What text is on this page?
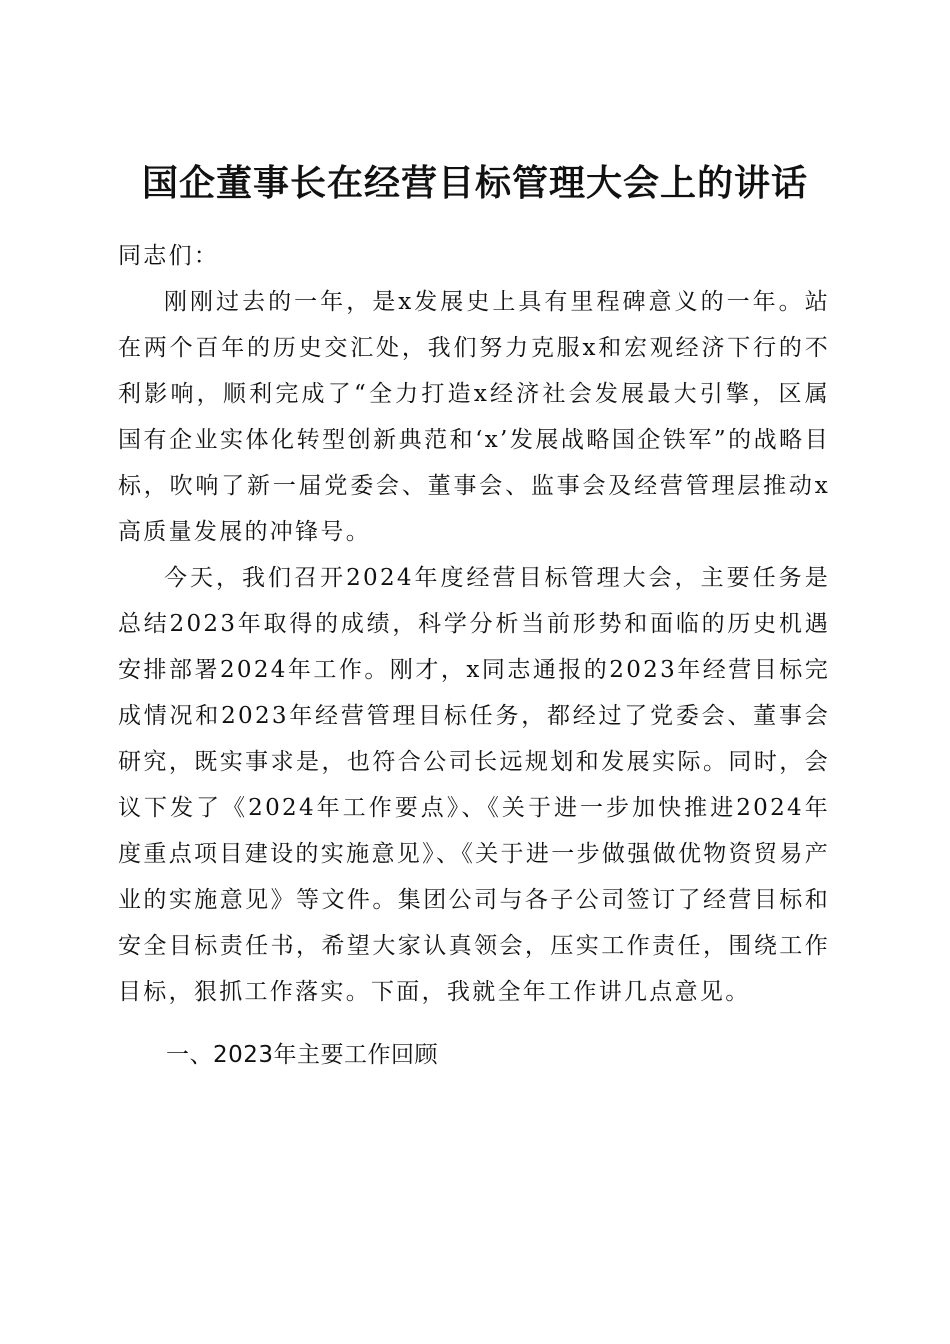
国企董事长在经营目标管理大会上的讲话

同志们：

刚刚过去的一年，是x发展史上具有里程碑意义的一年。站在两个百年的历史交汇处，我们努力克服x和宏观经济下行的不利影响，顺利完成了“全力打造x经济社会发展最大引擎，区属国有企业实体化转型创新典范和‘x’发展战略国企铁军”的战略目标，吹响了新一届党委会、董事会、监事会及经营管理层推动x高质量发展的冲锋号。

今天，我们召开2024年度经营目标管理大会，主要任务是总结2023年取得的成绩，科学分析当前形势和面临的历史机遇安排部署2024年工作。刚才，x同志通报的2023年经营目标完成情况和2023年经营管理目标任务，都经过了党委会、董事会研究，既实事求是，也符合公司长远规划和发展实际。同时，会议下发了《2024年工作要点》、《关于进一步加快推进2024年度重点项目建设的实施意见》、《关于进一步做强做优物资贸易产业的实施意见》等文件。集团公司与各子公司签订了经营目标和安全目标责任书，希望大家认真领会，压实工作责任，围绕工作目标，狠抓工作落实。下面，我就全年工作讲几点意见。

一、2023年主要工作回顾
